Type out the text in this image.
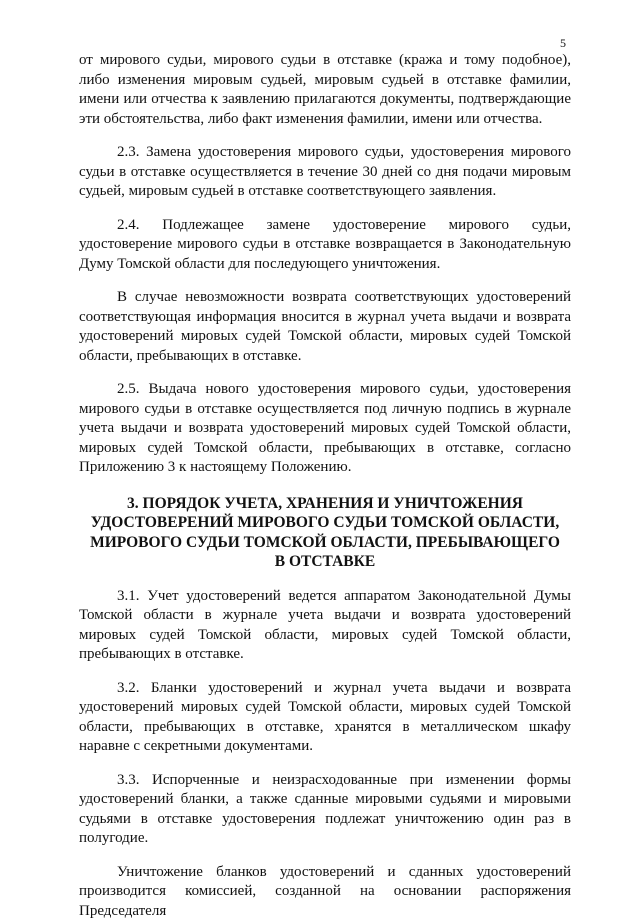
5

от мирового судьи, мирового судьи в отставке (кража и тому подобное), либо изменения мировым судьей, мировым судьей в отставке фамилии, имени или отчества к заявлению прилагаются документы, подтверждающие эти обстоятельства, либо факт изменения фамилии, имени или отчества.

2.3. Замена удостоверения мирового судьи, удостоверения мирового судьи в отставке осуществляется в течение 30 дней со дня подачи мировым судьей, мировым судьей в отставке соответствующего заявления.

2.4. Подлежащее замене удостоверение мирового судьи, удостоверение мирового судьи в отставке возвращается в Законодательную Думу Томской области для последующего уничтожения.

В случае невозможности возврата соответствующих удостоверений соответствующая информация вносится в журнал учета выдачи и возврата удостоверений мировых судей Томской области, мировых судей Томской области, пребывающих в отставке.

2.5. Выдача нового удостоверения мирового судьи, удостоверения мирового судьи в отставке осуществляется под личную подпись в журнале учета выдачи и возврата удостоверений мировых судей Томской области, мировых судей Томской области, пребывающих в отставке, согласно Приложению 3 к настоящему Положению.

3. ПОРЯДОК УЧЕТА, ХРАНЕНИЯ И УНИЧТОЖЕНИЯ
УДОСТОВЕРЕНИЙ МИРОВОГО СУДЬИ ТОМСКОЙ ОБЛАСТИ,
МИРОВОГО СУДЬИ ТОМСКОЙ ОБЛАСТИ, ПРЕБЫВАЮЩЕГО
В ОТСТАВКЕ

3.1. Учет удостоверений ведется аппаратом Законодательной Думы Томской области в журнале учета выдачи и возврата удостоверений мировых судей Томской области, мировых судей Томской области, пребывающих в отставке.

3.2. Бланки удостоверений и журнал учета выдачи и возврата удостоверений мировых судей Томской области, мировых судей Томской области, пребывающих в отставке, хранятся в металлическом шкафу наравне с секретными документами.

3.3. Испорченные и неизрасходованные при изменении формы удостоверений бланки, а также сданные мировыми судьями и мировыми судьями в отставке удостоверения подлежат уничтожению один раз в полугодие.

Уничтожение бланков удостоверений и сданных удостоверений производится комиссией, созданной на основании распоряжения Председателя
